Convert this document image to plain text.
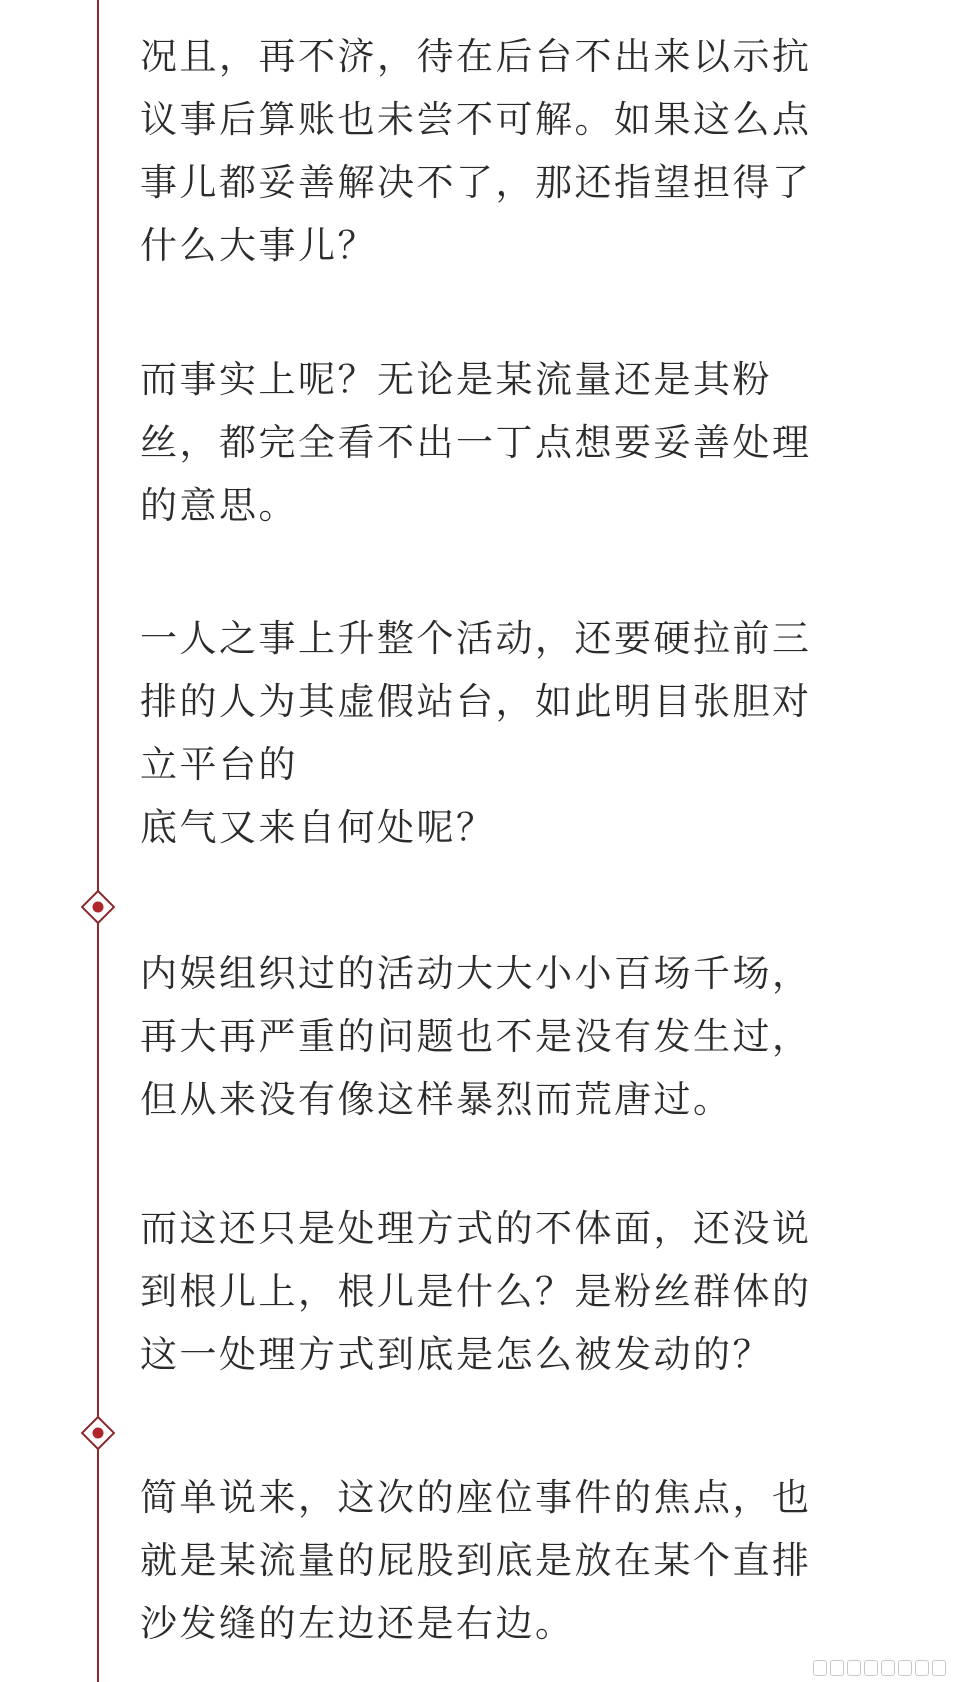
况且，再不济，待在后台不出来以示抗
议事后算账也未尝不可解。如果这么点
事儿都妥善解决不了，那还指望担得了
什么大事儿？
而事实上呢？无论是某流量还是其粉
丝，都完全看不出一丁点想要妥善处理
的意思。
一人之事上升整个活动，还要硬拉前三
排的人为其虚假站台，如此明目张胆对
立平台的
底气又来自何处呢？
内娱组织过的活动大大小小百场千场，
再大再严重的问题也不是没有发生过，
但从来没有像这样暴烈而荒唐过。
而这还只是处理方式的不体面，还没说
到根儿上，根儿是什么？是粉丝群体的
这一处理方式到底是怎么被发动的？
简单说来，这次的座位事件的焦点，也
就是某流量的屁股到底是放在某个直排
沙发缝的左边还是右边。
